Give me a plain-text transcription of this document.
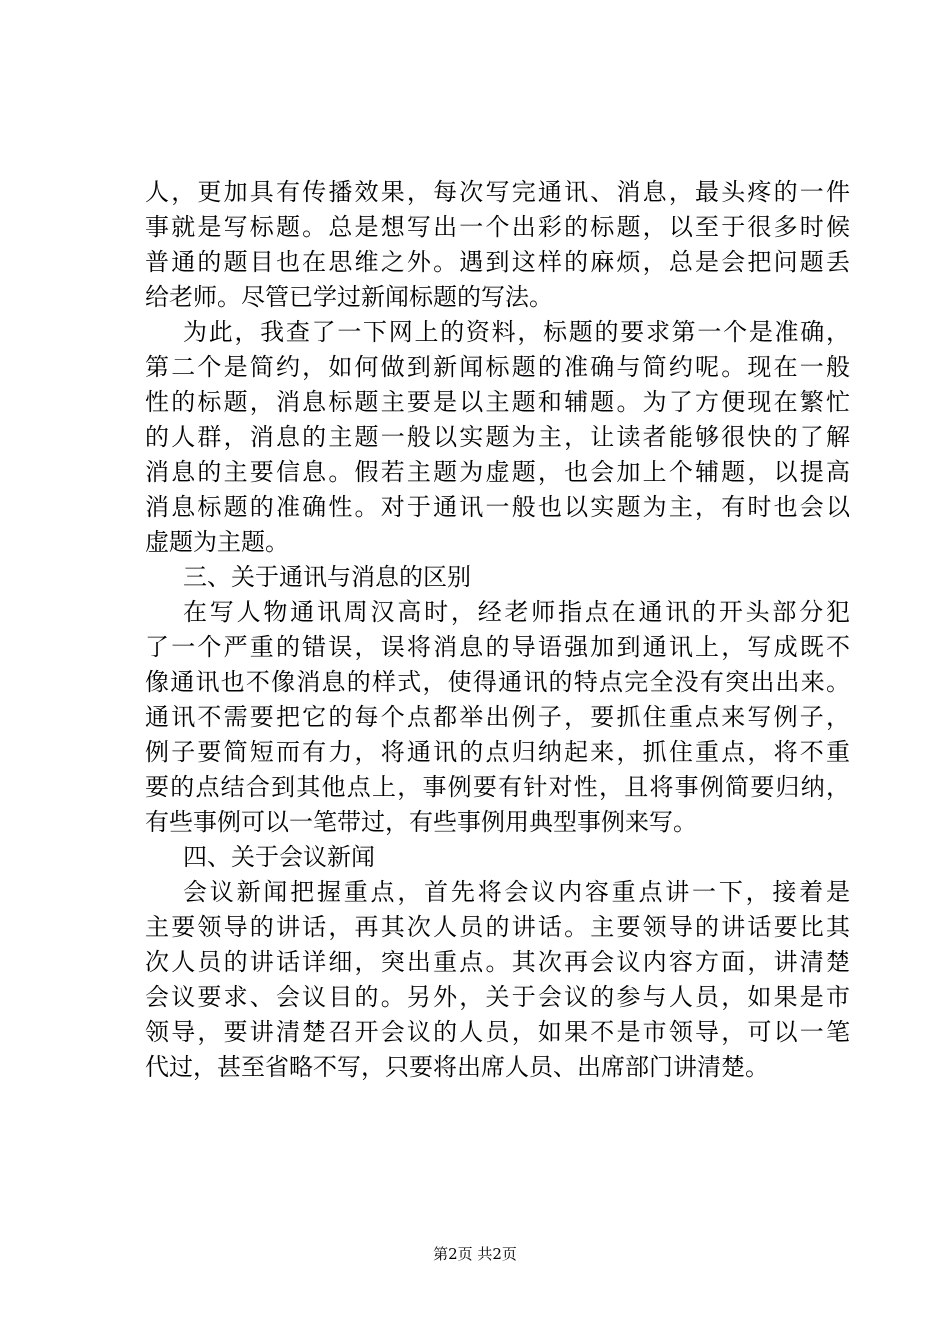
人，更加具有传播效果，每次写完通讯、消息，最头疼的一件
事就是写标题。总是想写出一个出彩的标题，以至于很多时候
普通的题目也在思维之外。遇到这样的麻烦，总是会把问题丢
给老师。尽管已学过新闻标题的写法。
为此，我查了一下网上的资料，标题的要求第一个是准确，
第二个是简约，如何做到新闻标题的准确与简约呢。现在一般
性的标题，消息标题主要是以主题和辅题。为了方便现在繁忙
的人群，消息的主题一般以实题为主，让读者能够很快的了解
消息的主要信息。假若主题为虚题，也会加上个辅题，以提高
消息标题的准确性。对于通讯一般也以实题为主，有时也会以
虚题为主题。
三、关于通讯与消息的区别
在写人物通讯周汉高时，经老师指点在通讯的开头部分犯
了一个严重的错误，误将消息的导语强加到通讯上，写成既不
像通讯也不像消息的样式，使得通讯的特点完全没有突出出来。
通讯不需要把它的每个点都举出例子，要抓住重点来写例子，
例子要简短而有力，将通讯的点归纳起来，抓住重点，将不重
要的点结合到其他点上，事例要有针对性，且将事例简要归纳，
有些事例可以一笔带过，有些事例用典型事例来写。
四、关于会议新闻
会议新闻把握重点，首先将会议内容重点讲一下，接着是
主要领导的讲话，再其次人员的讲话。主要领导的讲话要比其
次人员的讲话详细，突出重点。其次再会议内容方面，讲清楚
会议要求、会议目的。另外，关于会议的参与人员，如果是市
领导，要讲清楚召开会议的人员，如果不是市领导，可以一笔
代过，甚至省略不写，只要将出席人员、出席部门讲清楚。
第2页 共2页
